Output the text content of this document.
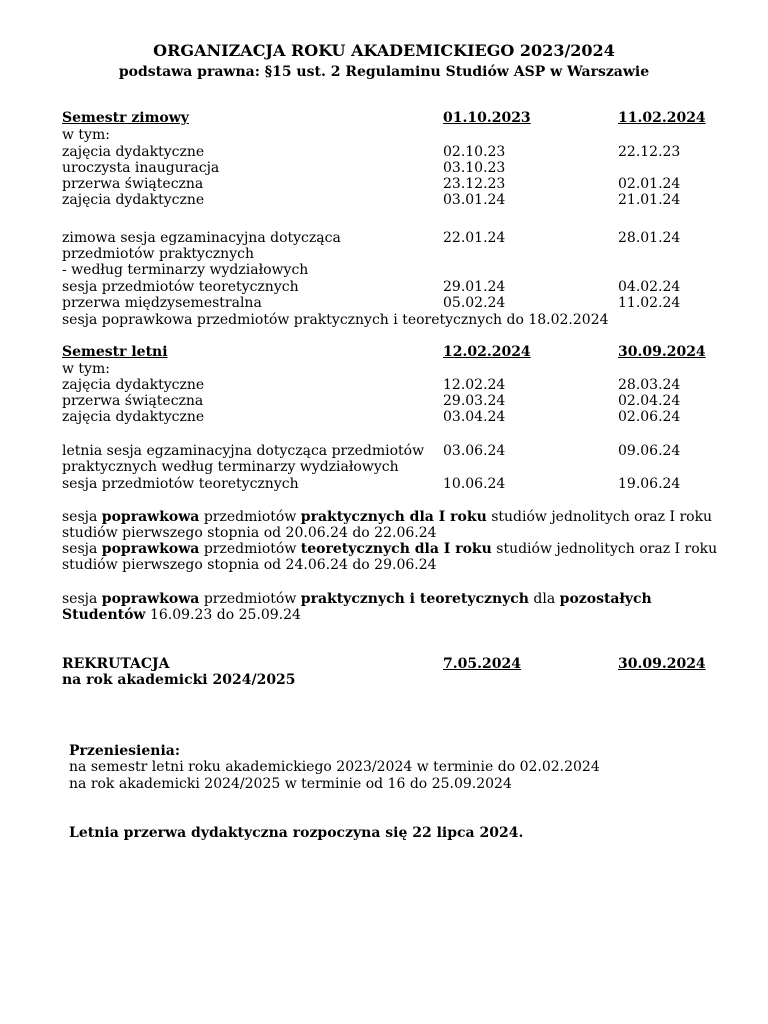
ORGANIZACJA ROKU AKADEMICKIEGO 2023/2024
podstawa prawna: §15 ust. 2 Regulaminu Studiów ASP w Warszawie
Semestr zimowy	01.10.2023	11.02.2024
w tym:
zajęcia dydaktyczne	02.10.23	22.12.23
uroczysta inauguracja	03.10.23
przerwa świąteczna	23.12.23	02.01.24
zajęcia dydaktyczne	03.01.24	21.01.24
zimowa sesja egzaminacyjna dotycząca	22.01.24	28.01.24
przedmiotów praktycznych
- według terminarzy wydziałowych
sesja przedmiotów teoretycznych	29.01.24	04.02.24
przerwa międzysemestralna	05.02.24	11.02.24
sesja poprawkowa przedmiotów praktycznych i teoretycznych do 18.02.2024
Semestr letni	12.02.2024	30.09.2024
w tym:
zajęcia dydaktyczne	12.02.24	28.03.24
przerwa świąteczna	29.03.24	02.04.24
zajęcia dydaktyczne	03.04.24	02.06.24
letnia sesja egzaminacyjna dotycząca przedmiotów 03.06.24	09.06.24
praktycznych według terminarzy wydziałowych
sesja przedmiotów teoretycznych	10.06.24	19.06.24
sesja poprawkowa przedmiotów praktycznych dla I roku studiów jednolitych oraz I roku
studiów pierwszego stopnia od 20.06.24 do 22.06.24
sesja poprawkowa przedmiotów teoretycznych dla I roku studiów jednolitych oraz I roku
studiów pierwszego stopnia od 24.06.24 do 29.06.24
sesja poprawkowa przedmiotów praktycznych i teoretycznych dla pozostałych
Studentów 16.09.23 do 25.09.24
REKRUTACJA	7.05.2024	30.09.2024
na rok akademicki 2024/2025
Przeniesienia:
na semestr letni roku akademickiego 2023/2024 w terminie do 02.02.2024
na rok akademicki 2024/2025 w terminie od 16 do 25.09.2024
Letnia przerwa dydaktyczna rozpoczyna się 22 lipca 2024.
